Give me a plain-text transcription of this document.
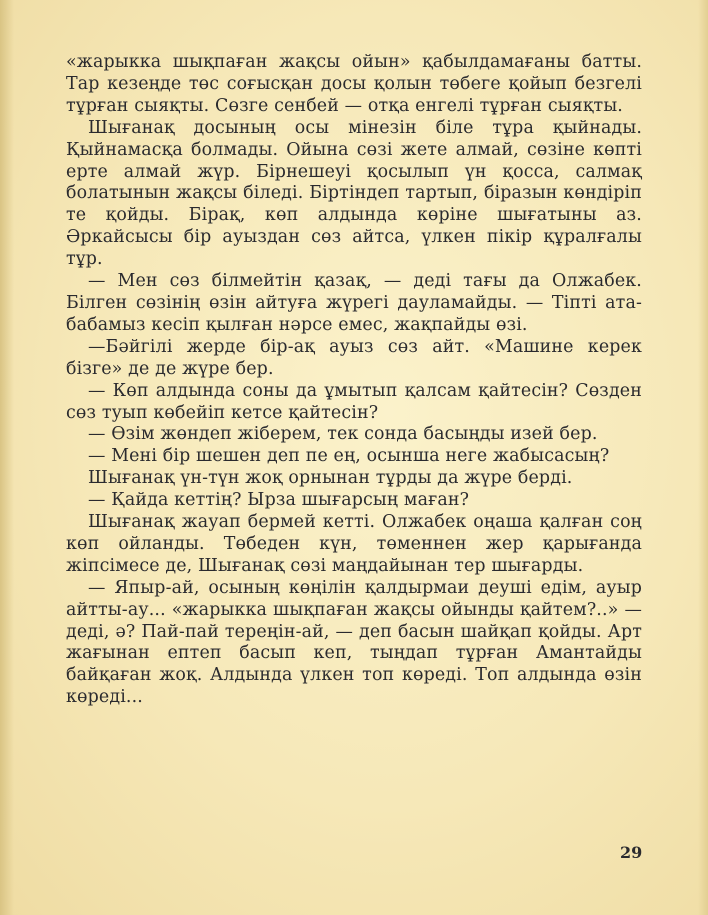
«жарыкка шықпаған жақсы ойын» қабылдамағаны батты. Тар кезеңде төс соғысқан досы қолын төбеге қойып безгелі тұрған сыяқты. Сөзге сенбей — отқа енгелі тұрған сыяқты.

Шығанақ досының осы мінезін біле тұра қыйнады. Қыйнамасқа болмады. Ойына сөзі жете алмай, сөзіне көпті ерте алмай жүр. Бірнешеуі қосылып үн қосса, салмақ болатынын жақсы біледі. Біртіндеп тартып, біразын көндіріп те қойды. Бірақ, көп алдында көріне шығатыны аз. Әркайсысы бір ауыздан сөз айтса, үлкен пікір құралғалы тұр.

— Мен сөз білмейтін қазақ, — деді тағы да Олжабек. Білген сөзінің өзін айтуға жүрегі дауламайды. — Тіпті ата-бабамыз кесіп қылған нәрсе емес, жақпайды өзі.

—Бәйгілі жерде бір-ақ ауыз сөз айт. «Машине керек бізге» де де жүре бер.

— Көп алдында соны да ұмытып қалсам қайтесін? Сөзден сөз туып көбейіп кетсе қайтесін?

— Өзім жөндеп жіберем, тек сонда басыңды изей бер.

— Мені бір шешен деп пе ең, осынша неге жабысасың?

Шығанақ үн-түн жоқ орнынан тұрды да жүре берді.

— Қайда кеттің? Ырза шығарсың маған?

Шығанақ жауап бермей кетті. Олжабек оңаша қалған соң көп ойланды. Төбеден күн, төменнен жер қарығанда жіпсімесе де, Шығанақ сөзі маңдайынан тер шығарды.

— Япыр-ай, осының көңілін қалдырмаи деуші едім, ауыр айтты-ау... «жарыкка шықпаған жақсы ойынды қайтем?..» — деді, ә? Пай-пай тереңін-ай, — деп басын шайқап қойды. Арт жағынан ептеп басып кеп, тыңдап тұрған Амантайды байқаған жоқ. Алдында үлкен топ көреді. Топ алдында өзін көреді...

29
